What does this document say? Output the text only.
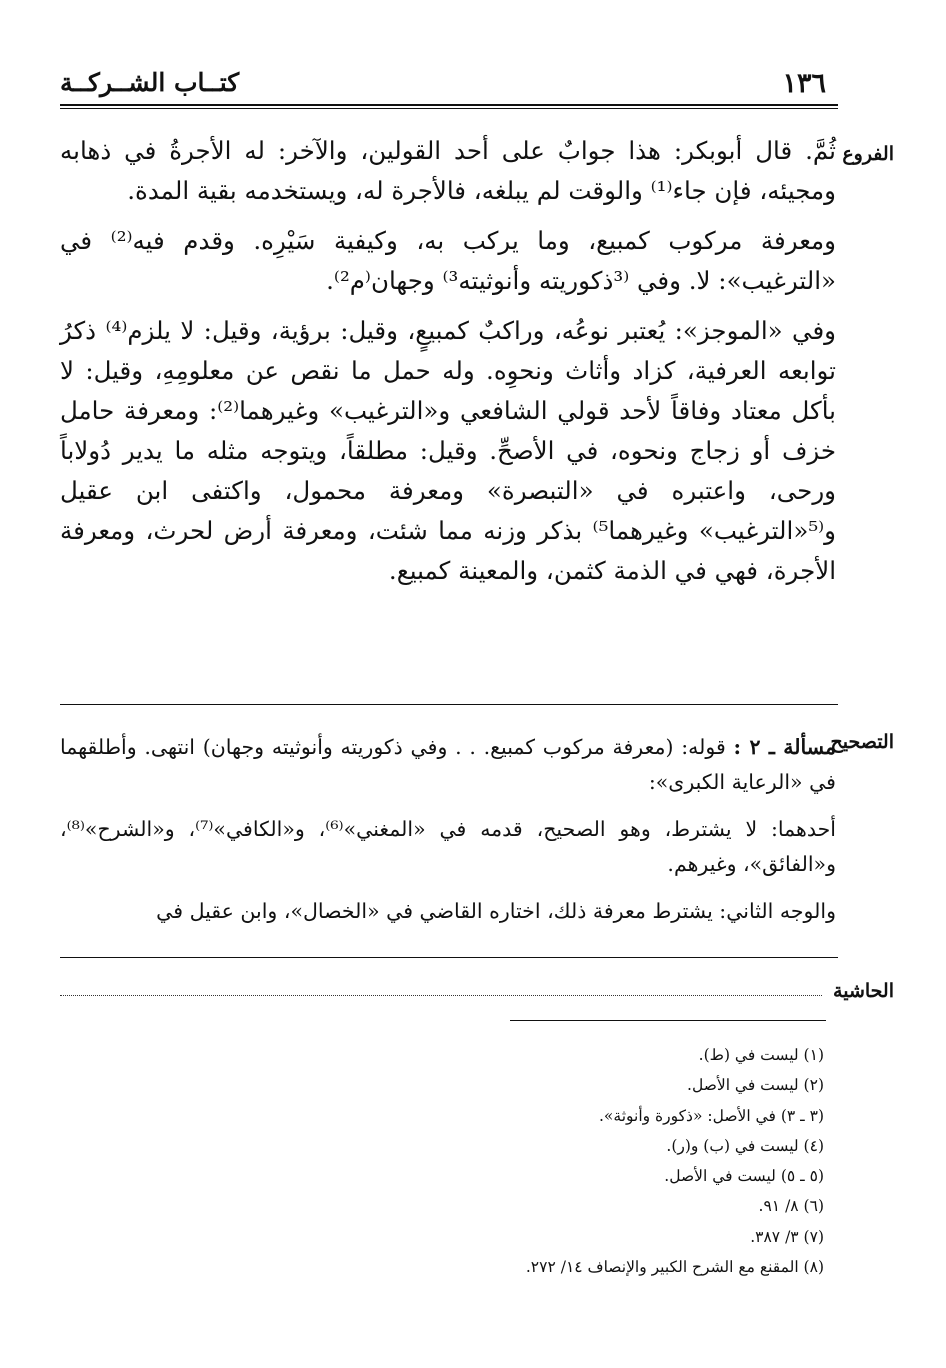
١٣٦
كتــاب الشــركــة
الفروع
التصحيح
الحاشية

ثُمَّ. قال أبوبكر: هذا جوابٌ على أحد القولين، والآخر: له الأجرةُ في ذهابه ومجيئه، فإن جاء⁽¹⁾ والوقت لم يبلغه، فالأجرة له، ويستخدمه بقية المدة.

ومعرفة مركوب كمبيع، وما يركب به، وكيفية سَيْرِه. وقدم فيه⁽²⁾ في «الترغيب»: لا. وفي ⁽³ذكوريته وأنوثيته³⁾ وجهان⁽م²⁾.

وفي «الموجز»: يُعتبر نوعُه، وراكبٌ كمبيعٍ، وقيل: برؤية، وقيل: لا يلزم⁽⁴⁾ ذكرُ توابعه العرفية، كزاد وأثاث ونحوِه. وله حمل ما نقص عن معلومِهِ، وقيل: لا بأكل معتاد وفاقاً لأحد قولي الشافعي و«الترغيب» وغيرهما⁽²⁾: ومعرفة حامل خزف أو زجاج ونحوه، في الأصحِّ. وقيل: مطلقاً، ويتوجه مثله ما يدير دُولاباً ورحى، واعتبره في «التبصرة» ومعرفة محمول، واكتفى ابن عقيل و⁽⁵«الترغيب» وغيرهما⁵⁾ بذكر وزنه مما شئت، ومعرفة أرض لحرث، ومعرفة الأجرة، فهي في الذمة كثمن، والمعينة كمبيع.

مسألة ـ ٢ : قوله: (معرفة مركوب كمبيع. . . وفي ذكوريته وأنوثيته وجهان) انتهى. وأطلقهما في «الرعاية الكبرى»:

أحدهما: لا يشترط، وهو الصحيح، قدمه في «المغني»⁽⁶⁾، و«الكافي»⁽⁷⁾، و«الشرح»⁽⁸⁾، و«الفائق»، وغيرهم.

والوجه الثاني: يشترط معرفة ذلك، اختاره القاضي في «الخصال»، وابن عقيل في

(١) ليست في (ط).
(٢) ليست في الأصل.
(٣ ـ ٣) في الأصل: «ذكورة وأنوثة».
(٤) ليست في (ب) و(ر).
(٥ ـ ٥) ليست في الأصل.
(٦) ٨/ ٩١.
(٧) ٣/ ٣٨٧.
(٨) المقنع مع الشرح الكبير والإنصاف ١٤/ ٢٧٢.
